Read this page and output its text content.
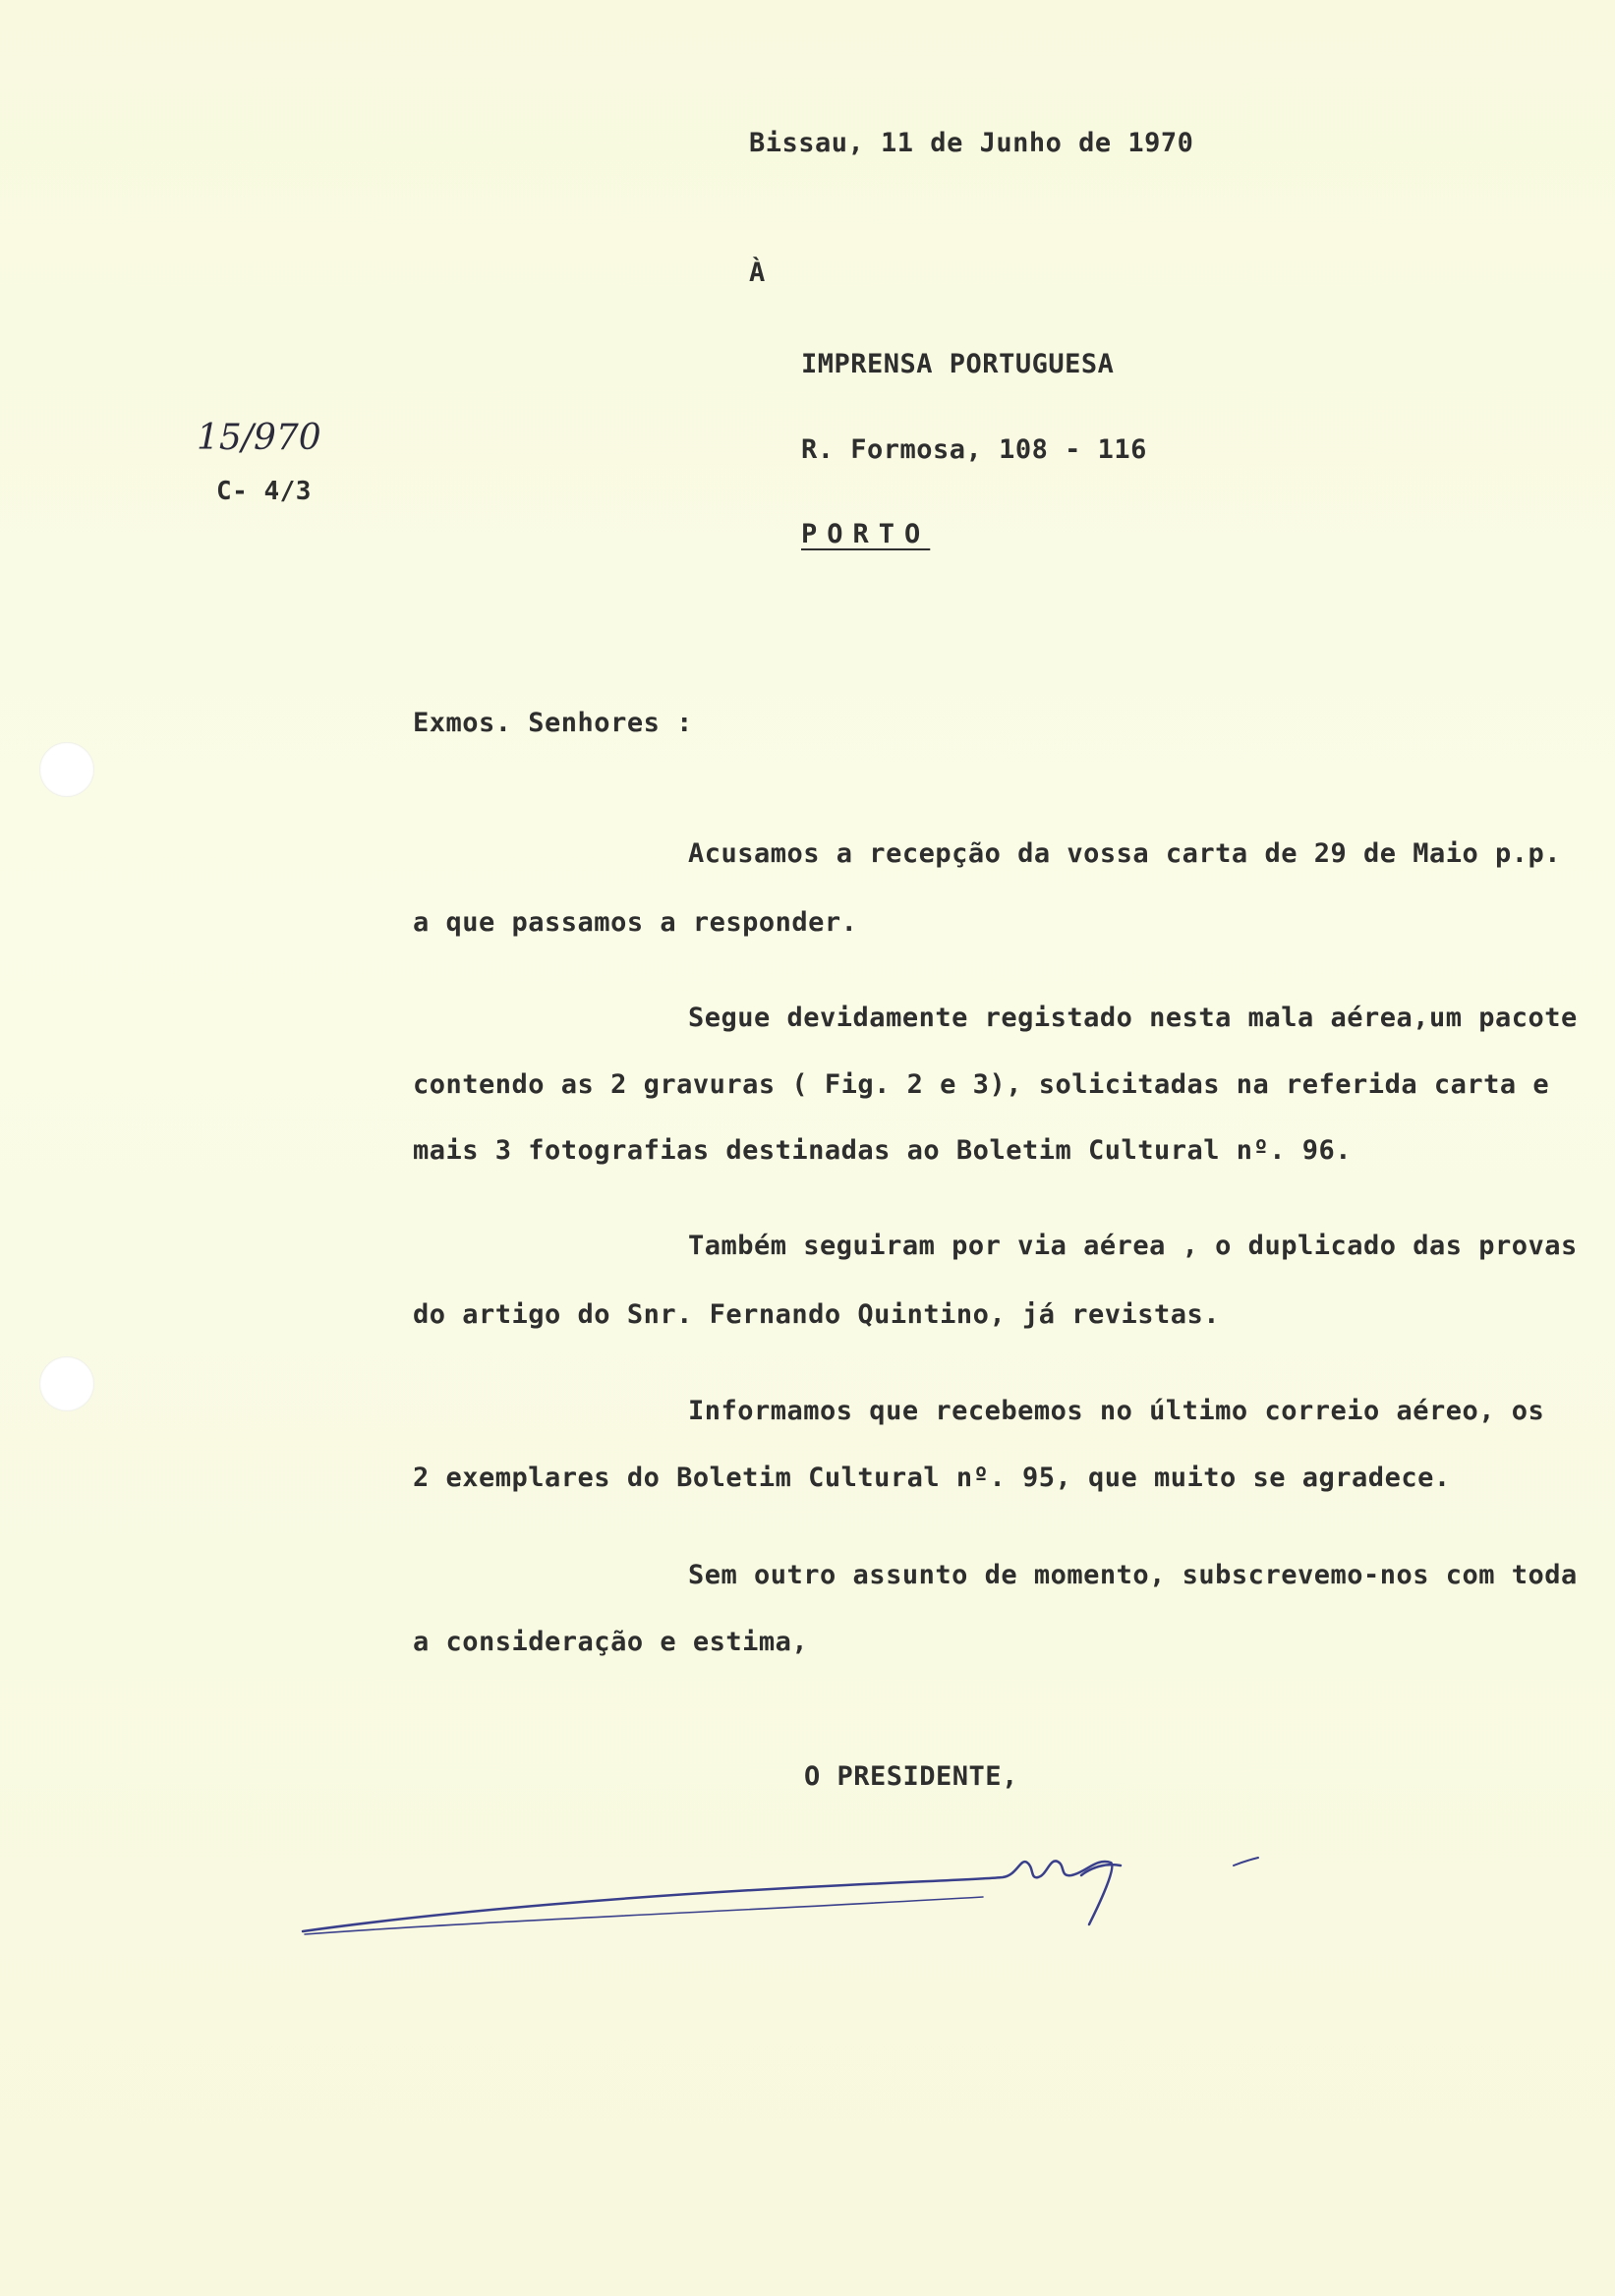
Bissau, 11 de Junho de 1970
À
IMPRENSA PORTUGUESA
R. Formosa, 108 - 116
PORTO
15/970
C- 4/3
Exmos. Senhores :
Acusamos a recepção da vossa carta de 29 de Maio p.p.
a que passamos a responder.
Segue devidamente registado nesta mala aérea,um pacote
contendo as 2 gravuras ( Fig. 2 e 3), solicitadas na referida carta e
mais 3 fotografias destinadas ao Boletim Cultural nº. 96.
Também seguiram por via aérea , o duplicado das provas
do artigo do Snr. Fernando Quintino, já revistas.
Informamos que recebemos no último correio aéreo, os
2 exemplares do Boletim Cultural nº. 95, que muito se agradece.
Sem outro assunto de momento, subscrevemo-nos com toda
a consideração e estima,
O PRESIDENTE,
